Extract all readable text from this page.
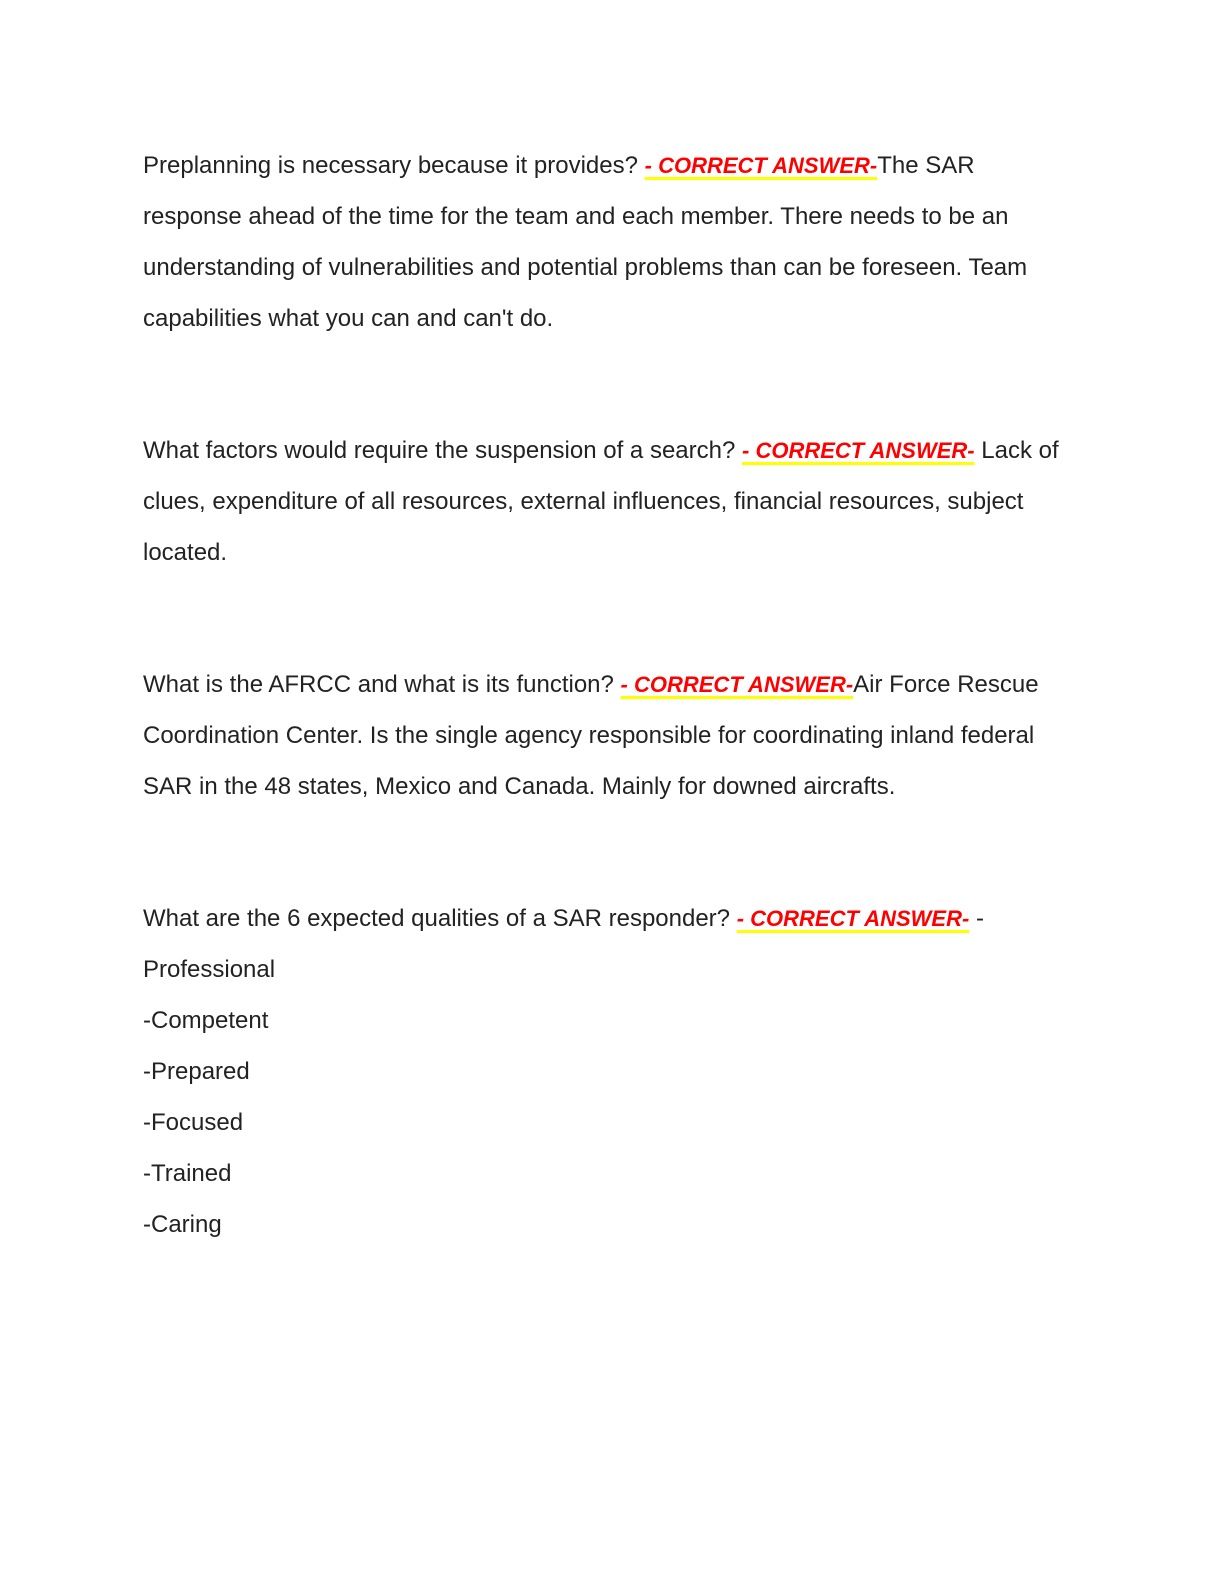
Preplanning is necessary because it provides? - CORRECT ANSWER-The SAR response ahead of the time for the team and each member. There needs to be an understanding of vulnerabilities and potential problems than can be foreseen. Team capabilities what you can and can't do.

What factors would require the suspension of a search? - CORRECT ANSWER- Lack of clues, expenditure of all resources, external influences, financial resources, subject located.

What is the AFRCC and what is its function? - CORRECT ANSWER-Air Force Rescue Coordination Center. Is the single agency responsible for coordinating inland federal SAR in the 48 states, Mexico and Canada. Mainly for downed aircrafts.

What are the 6 expected qualities of a SAR responder? - CORRECT ANSWER- -Professional

-Competent

-Prepared

-Focused

-Trained

-Caring
